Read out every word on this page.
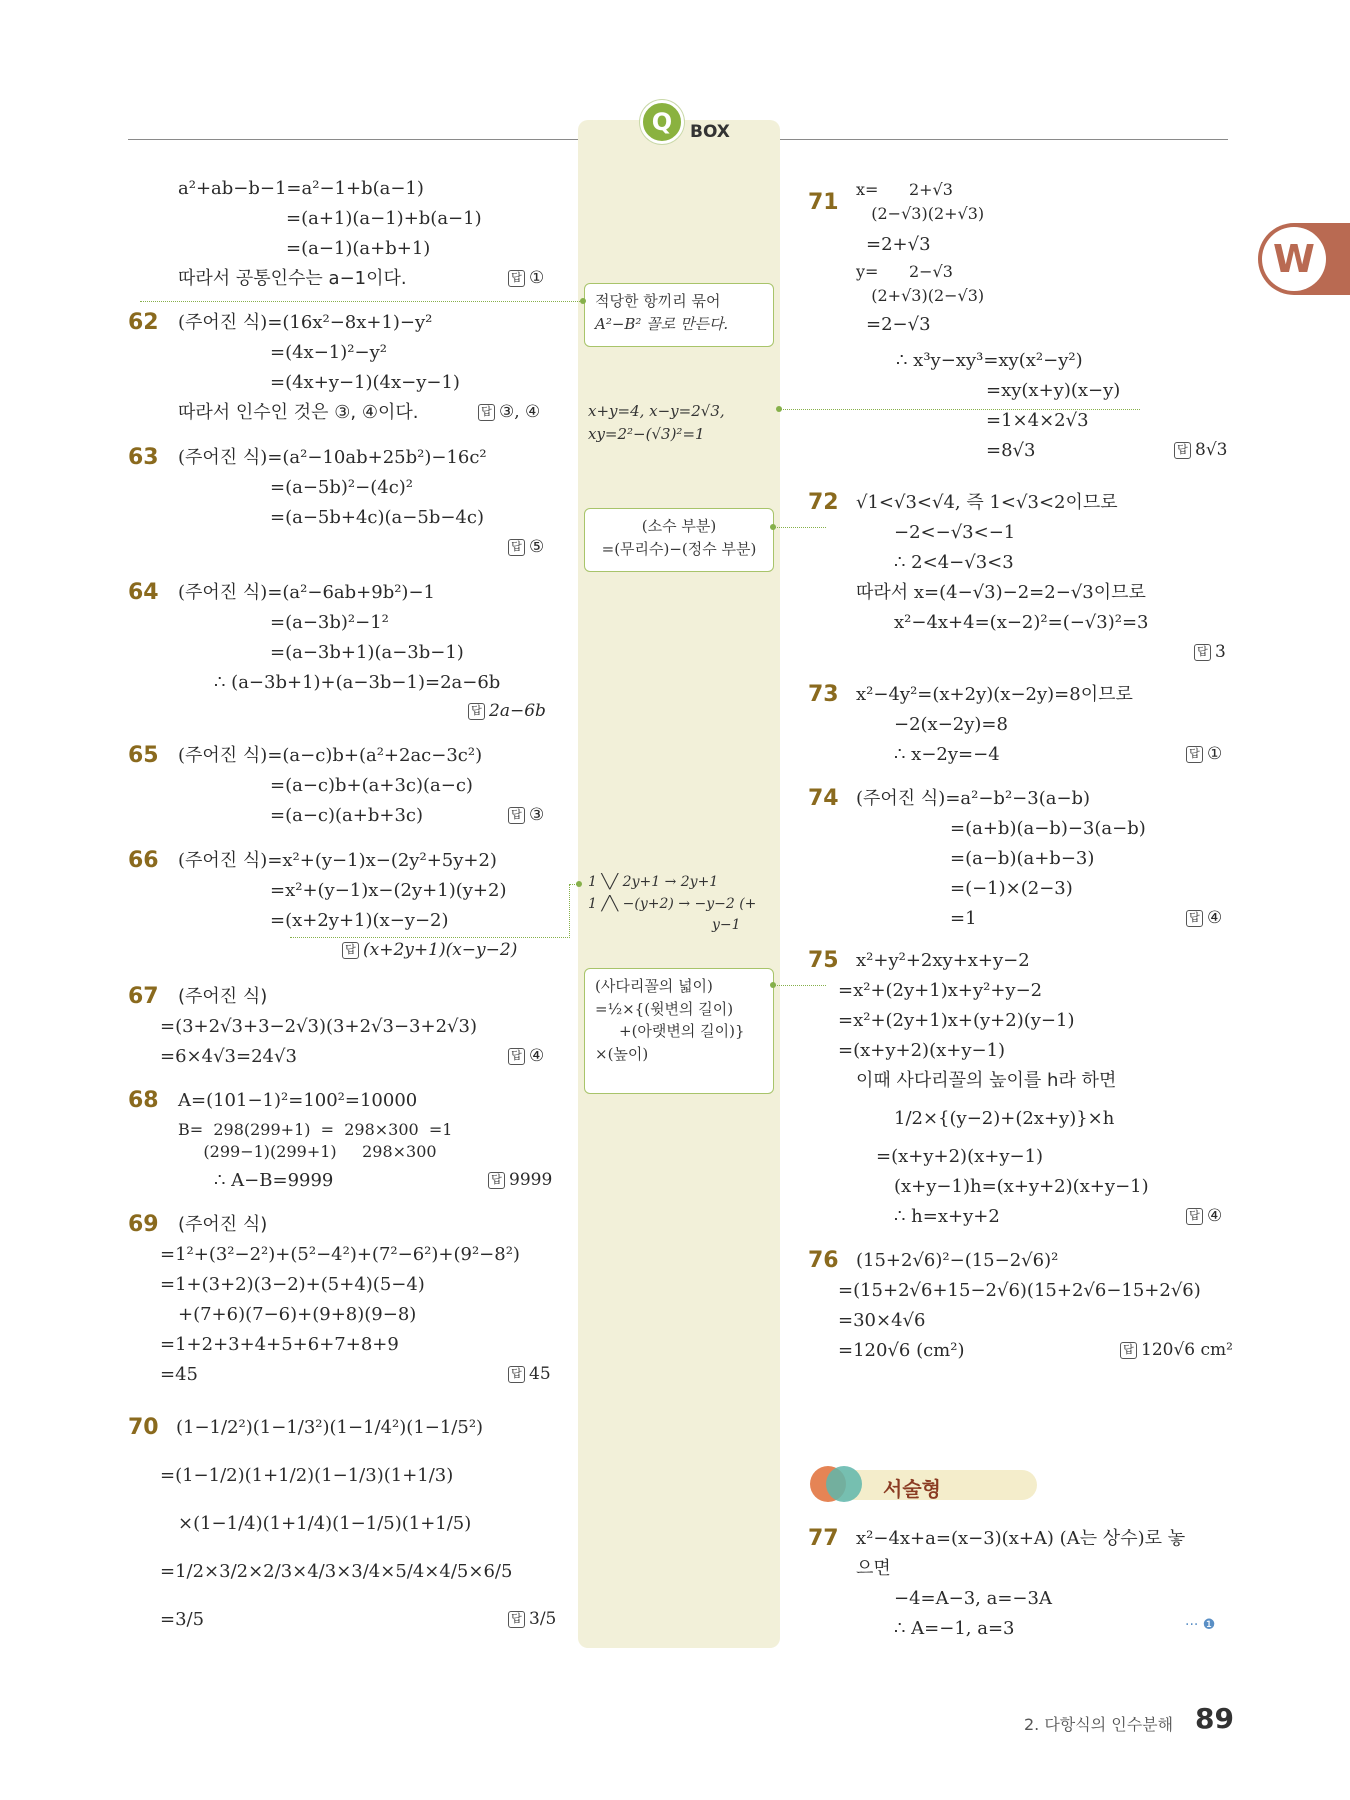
Q BOX
적당한 항끼리 묶어
A²−B² 꼴로 만든다.
x+y=4, x−y=2√3,
xy=2²−(√3)²=1
(소수 부분)
=(무리수)−(정수 부분)
1 ╲╱ 2y+1 → 2y+1
1 ╱╲ −(y+2) → −y−2 (+
y−1
(사다리꼴의 넓이)
=½×{(윗변의 길이)
+(아랫변의 길이)}
×(높이)
W
a²+ab−b−1=a²−1+b(a−1)
=(a+1)(a−1)+b(a−1)
=(a−1)(a+b+1)
따라서 공통인수는 a−1이다.	답 ①
62 (주어진 식)=(16x²−8x+1)−y²
=(4x−1)²−y²
=(4x+y−1)(4x−y−1)
따라서 인수인 것은 ③, ④이다.	답 ③, ④
63 (주어진 식)=(a²−10ab+25b²)−16c²
=(a−5b)²−(4c)²
=(a−5b+4c)(a−5b−4c)
답 ⑤
64 (주어진 식)=(a²−6ab+9b²)−1
=(a−3b)²−1²
=(a−3b+1)(a−3b−1)
∴ (a−3b+1)+(a−3b−1)=2a−6b
답 2a−6b
65 (주어진 식)=(a−c)b+(a²+2ac−3c²)
=(a−c)b+(a+3c)(a−c)
=(a−c)(a+b+3c)	답 ③
66 (주어진 식)=x²+(y−1)x−(2y²+5y+2)
=x²+(y−1)x−(2y+1)(y+2)
=(x+2y+1)(x−y−2)
답 (x+2y+1)(x−y−2)
67 (주어진 식)
=(3+2√3+3−2√3)(3+2√3−3+2√3)
=6×4√3=24√3	답 ④
68 A=(101−1)²=100²=10000
B=  298(299+1)  =  298×300  =1
(299−1)(299+1)     298×300
∴ A−B=9999	답 9999
69 (주어진 식)
=1²+(3²−2²)+(5²−4²)+(7²−6²)+(9²−8²)
=1+(3+2)(3−2)+(5+4)(5−4)
+(7+6)(7−6)+(9+8)(9−8)
=1+2+3+4+5+6+7+8+9
=45	답 45
70 (1−1/2²)(1−1/3²)(1−1/4²)(1−1/5²)
=(1−1/2)(1+1/2)(1−1/3)(1+1/3)
×(1−1/4)(1+1/4)(1−1/5)(1+1/5)
=1/2×3/2×2/3×4/3×3/4×5/4×4/5×6/5
=3/5	답 3/5
71
x=      2+√3
(2−√3)(2+√3)
=2+√3
y=      2−√3
(2+√3)(2−√3)
=2−√3
∴ x³y−xy³=xy(x²−y²)
=xy(x+y)(x−y)
=1×4×2√3
=8√3	답 8√3
72 √1<√3<√4, 즉 1<√3<2이므로
−2<−√3<−1
∴ 2<4−√3<3
따라서 x=(4−√3)−2=2−√3이므로
x²−4x+4=(x−2)²=(−√3)²=3
답 3
73 x²−4y²=(x+2y)(x−2y)=8이므로
−2(x−2y)=8
∴ x−2y=−4	답 ①
74 (주어진 식)=a²−b²−3(a−b)
=(a+b)(a−b)−3(a−b)
=(a−b)(a+b−3)
=(−1)×(2−3)
=1	답 ④
75 x²+y²+2xy+x+y−2
=x²+(2y+1)x+y²+y−2
=x²+(2y+1)x+(y+2)(y−1)
=(x+y+2)(x+y−1)
이때 사다리꼴의 높이를 h라 하면
1/2×{(y−2)+(2x+y)}×h
=(x+y+2)(x+y−1)
(x+y−1)h=(x+y+2)(x+y−1)
∴ h=x+y+2	답 ④
76 (15+2√6)²−(15−2√6)²
=(15+2√6+15−2√6)(15+2√6−15+2√6)
=30×4√6
=120√6 (cm²)	답 120√6 cm²
서술형
77 x²−4x+a=(x−3)(x+A) (A는 상수)로 놓
으면
−4=A−3, a=−3A
∴ A=−1, a=3	··· ❶
2. 다항식의 인수분해 89
